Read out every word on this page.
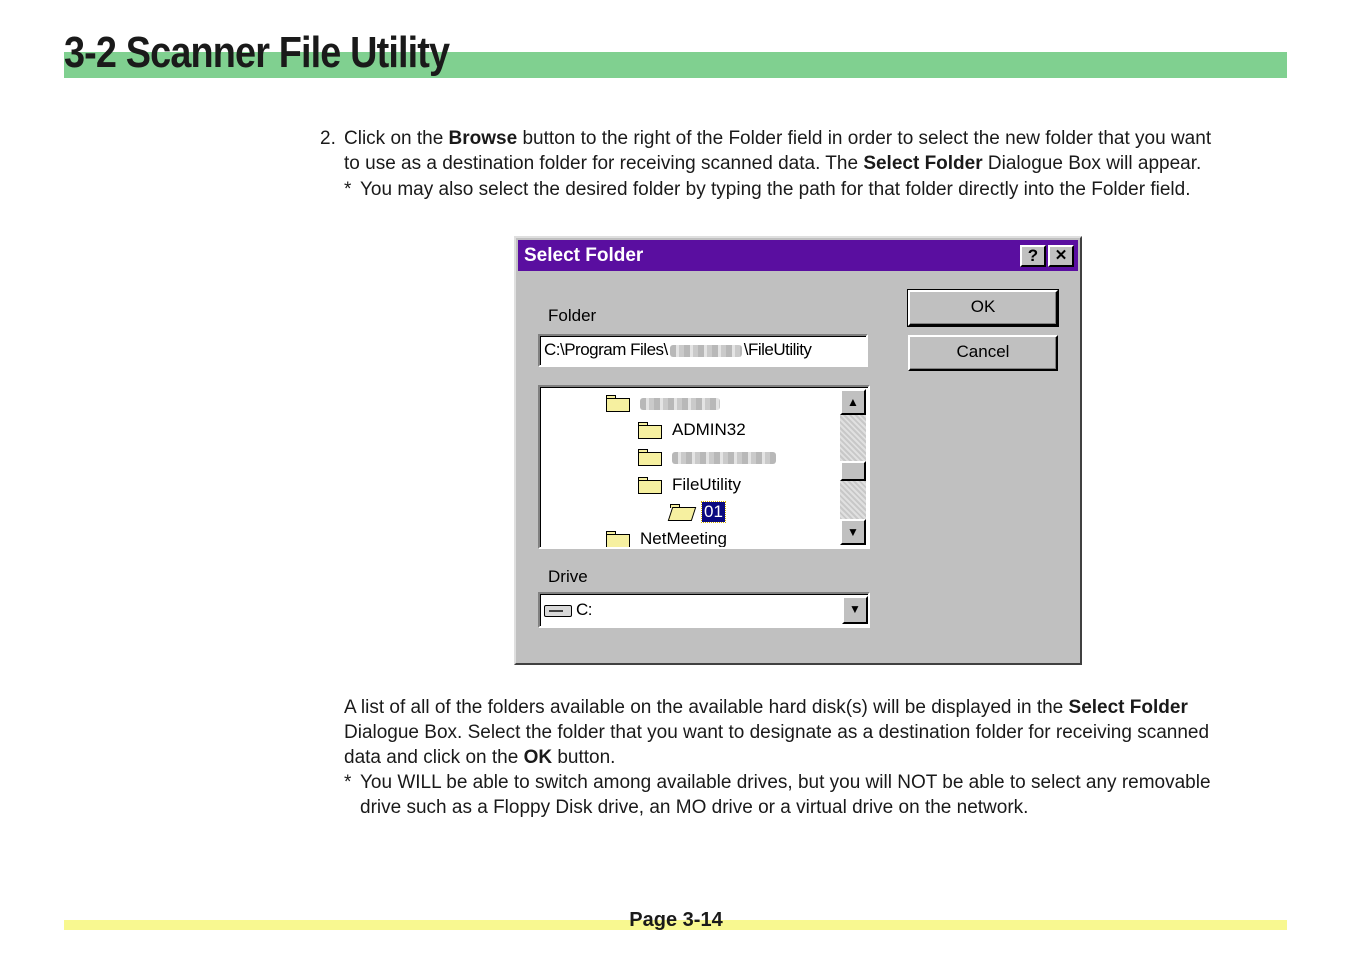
3-2 Scanner File Utility
2. Click on the Browse button to the right of the Folder field in order to select the new folder that you want
to use as a destination folder for receiving scanned data. The Select Folder Dialogue Box will appear.
* You may also select the desired folder by typing the path for that folder directly into the Folder field.
Select Folder	?	✕
Folder
C:\Program Files\	\FileUtility
OK
Cancel
ADMIN32
FileUtility
01
NetMeeting
▲
▼
Drive
C:	▼
A list of all of the folders available on the available hard disk(s) will be displayed in the Select Folder
Dialogue Box. Select the folder that you want to designate as a destination folder for receiving scanned
data and click on the OK button.
* You WILL be able to switch among available drives, but you will NOT be able to select any removable
drive such as a Floppy Disk drive, an MO drive or a virtual drive on the network.
Page 3-14
